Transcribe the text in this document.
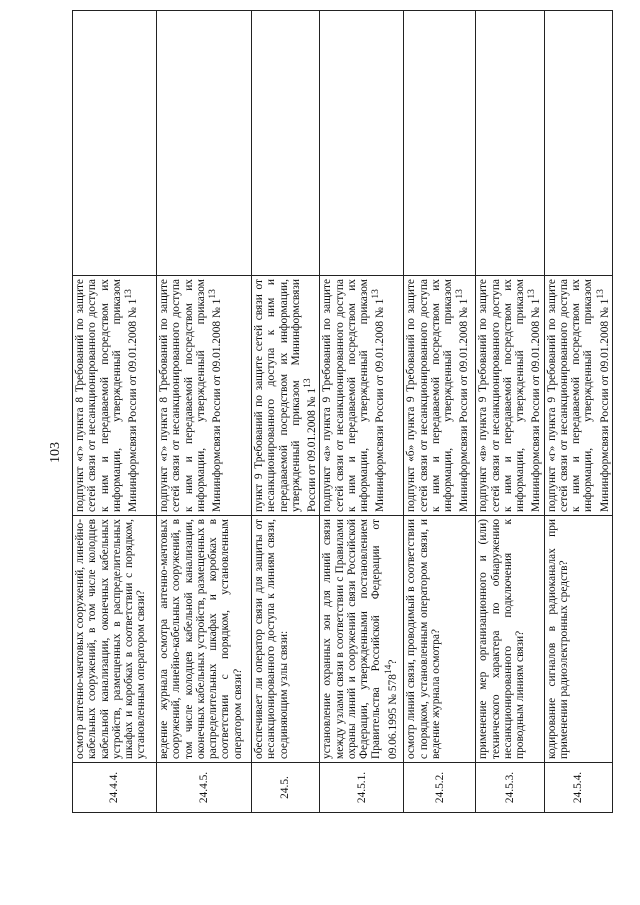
103
24.4.4.	осмотр антенно-мачтовых сооружений, линейно-кабельных сооружений, в том числе колодцев кабельной канализации, оконечных кабельных устройств, размещенных в распределительных шкафах и коробках в соответствии с порядком, установленным оператором связи?	подпункт «г» пункта 8 Требований по защите сетей связи от несанкционированного доступа к ним и передаваемой посредством их информации, утвержденный приказом Мининформсвязи России от 09.01.2008 № $1^{13}$	
24.4.5.	ведение журнала осмотра антенно-мачтовых сооружений, линейно-кабельных сооружений, в том числе колодцев кабельной канализации, оконечных кабельных устройств, размещенных в распределительных шкафах и коробках в соответствии с порядком, установленным оператором связи?	подпункт «г» пункта 8 Требований по защите сетей связи от несанкционированного доступа к ним и передаваемой посредством их информации, утвержденный приказом Мининформсвязи России от 09.01.2008 № $1^{13}$	
24.5.	обеспечивает ли оператор связи для защиты от несанкционированного доступа к линиям связи, соединяющим узлы связи:	пункт 9 Требований по защите сетей связи от несанкционированного доступа к ним и передаваемой посредством их информации, утвержденный приказом Мининформсвязи России от 09.01.2008 № $1^{13}$	
24.5.1.	установление охранных зон для линий связи между узлами связи в соответствии с Правилами охраны линий и сооружений связи Российской Федерации, утвержденными постановлением Правительства Российской Федерации от 09.06.1995 № $578^{14}$?	подпункт «а» пункта 9 Требований по защите сетей связи от несанкционированного доступа к ним и передаваемой посредством их информации, утвержденный приказом Мининформсвязи России от 09.01.2008 № $1^{13}$	
24.5.2.	осмотр линий связи, проводимый в соответствии с порядком, установленным оператором связи, и ведение журнала осмотра?	подпункт «б» пункта 9 Требований по защите сетей связи от несанкционированного доступа к ним и передаваемой посредством их информации, утвержденный приказом Мининформсвязи России от 09.01.2008 № $1^{13}$	
24.5.3.	применение мер организационного и (или) технического характера по обнаружению несанкционированного подключения к проводным линиям связи?	подпункт «в» пункта 9 Требований по защите сетей связи от несанкционированного доступа к ним и передаваемой посредством их информации, утвержденный приказом Мининформсвязи России от 09.01.2008 № $1^{13}$	
24.5.4.	кодирование сигналов в радиоканалах при применении радиоэлектронных средств?	подпункт «г» пункта 9 Требований по защите сетей связи от несанкционированного доступа к ним и передаваемой посредством их информации, утвержденный приказом Мининформсвязи России от 09.01.2008 № $1^{13}$	
